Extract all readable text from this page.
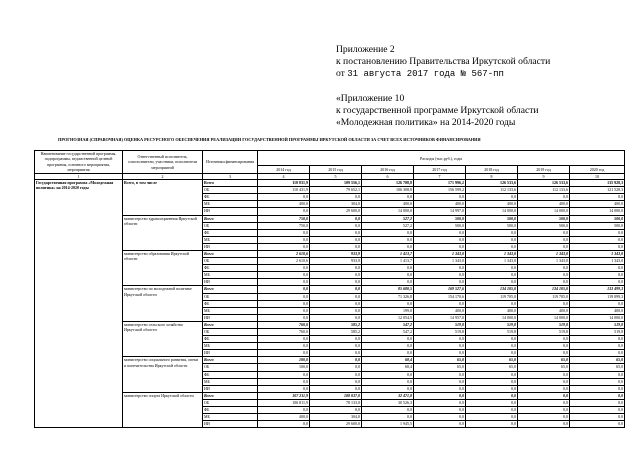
Приложение 2
к постановлению Правительства Иркутской области
от 31 августа 2017 года № 567-пп
«Приложение 10
к государственной программе Иркутской области
«Молодежная политика» на 2014-2020 годы
ПРОГНОЗНАЯ (СПРАВОЧНАЯ) ОЦЕНКА РЕСУРСНОГО ОБЕСПЕЧЕНИЯ РЕАЛИЗАЦИИ ГОСУДАРСТВЕННОЙ ПРОГРАММЫ ИРКУТСКОЙ ОБЛАСТИ ЗА СЧЕТ ВСЕХ ИСТОЧНИКОВ ФИНАНСИРОВАНИЯ
Наименование государственной программы, подпрограммы, ведомственной целевой программы, основного мероприятия, мероприятия	Ответственный исполнитель, соисполнители, участники, исполнители мероприятий	Источники финансирования	Расходы (тыс.руб.), годы						
			2014 год	2015 год	2016 год	2017 год	2018 год	2019 год	2020 год
1	2	3	4	5	6	7	8	9	10
Государственная программа «Молодежная политика» на 2014-2020 годы	Всего, в том числе	Всего	110 831,9	109 556,1	126 708,8	171 996,2	126 533,6	126 533,6	135 928,3
		ОБ	110 431,9	79 652,1	106 308,8	156 599,2	112 133,6	112 133,6	121 528,3
		ФБ	0,0	0,0	0,0	0,0	0,0	0,0	0,0
		МБ	400,0	304,0	400,0	400,0	400,0	400,0	400,0
		ИИ	0,0	29 600,0	14 000,0	14 997,0	14 000,0	14 000,0	14 000,0
	министерство здравоохранения Иркутской области	Всего	750,0	0,0	527,2	500,0	500,0	500,0	500,0
		ОБ	750,0	0,0	527,2	500,0	500,0	500,0	500,0
		ФБ	0,0	0,0	0,0	0,0	0,0	0,0	0,0
		МБ	0,0	0,0	0,0	0,0	0,0	0,0	0,0
		ИИ	0,0	0,0	0,0	0,0	0,0	0,0	0,0
	министерство образования Иркутской области	Всего	2 610,6	933,9	1 413,7	1 343,0	1 343,0	1 343,0	1 343,0
		ОБ	2 610,6	933,9	1 413,7	1 343,0	1 343,0	1 343,0	1 343,0
		ФБ	0,0	0,0	0,0	0,0	0,0	0,0	0,0
		МБ	0,0	0,0	0,0	0,0	0,0	0,0	0,0
		ИИ	0,0	0,0	0,0	0,0	0,0	0,0	0,0
	министерство по молодежной политике Иркутской области	Всего	0,0	0,0	85 680,5	169 527,6	134 105,0	134 105,0	133 499,3
		ОБ	0,0	0,0	71 326,8	154 170,6	119 705,0	119 705,0	119 099,3
		ФБ	0,0	0,0	0,0	0,0	0,0	0,0	0,0
		МБ	0,0	0,0	199,0	400,0	400,0	400,0	400,0
		ИИ	0,0	0,0	12 054,5	14 957,0	14 000,0	14 000,0	14 000,0
	министерство сельского хозяйства Иркутской области	Всего	760,0	585,2	547,2	519,8	519,8	519,8	519,8
		ОБ	760,0	585,2	547,2	519,8	519,8	519,8	519,8
		ФБ	0,0	0,0	0,0	0,0	0,0	0,0	0,0
		МБ	0,0	0,0	0,0	0,0	0,0	0,0	0,0
		ИИ	0,0	0,0	0,0	0,0	0,0	0,0	0,0
	министерство социального развития, опеки и попечительства Иркутской области	Всего	100,0	0,0	68,4	65,0	65,0	65,0	65,0
		ОБ	100,0	0,0	68,4	65,0	65,0	65,0	65,0
		ФБ	0,0	0,0	0,0	0,0	0,0	0,0	0,0
		МБ	0,0	0,0	0,0	0,0	0,0	0,0	0,0
		ИИ	0,0	0,0	0,0	0,0	0,0	0,0	0,0
	министерство спорта Иркутской области	Всего	107 211,9	108 037,0	32 471,8	0,0	0,0	0,0	0,0
		ОБ	106 811,9	78 133,0	30 526,3	0,0	0,0	0,0	0,0
		ФБ	0,0	0,0	0,0	0,0	0,0	0,0	0,0
		МБ	400,0	304,0	0,0	0,0	0,0	0,0	0,0
		ИИ	0,0	29 600,0	1 945,5	0,0	0,0	0,0	0,0
